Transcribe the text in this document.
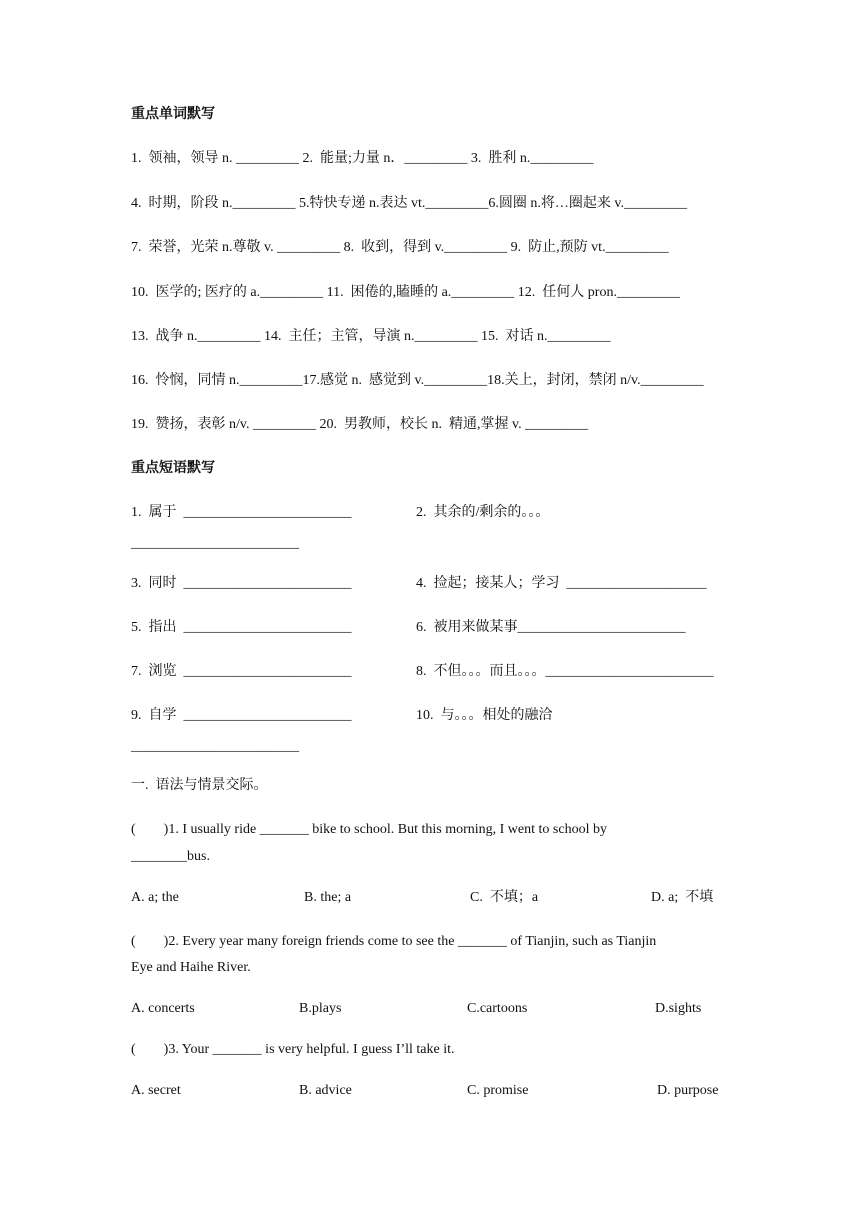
重点单词默写
1.  领袖，领导 n. _________ 2.  能量;力量 n．_________ 3.  胜利 n._________
4.  时期，阶段 n._________ 5.特快专递 n.表达 vt._________6.圆圈 n.将…圈起来 v._________
7.  荣誉，光荣 n.尊敬 v. _________ 8.  收到，得到 v._________ 9.  防止,预防 vt._________
10.  医学的; 医疗的 a._________ 11.  困倦的,瞌睡的 a._________ 12.  任何人 pron._________
13.  战争 n._________ 14.  主任；主管，导演 n._________ 15.  对话 n._________
16.  怜悯，同情 n._________17.感觉 n.  感觉到 v._________18.关上，封闭，禁闭 n/v._________
19.  赞扬，表彰 n/v. _________ 20.  男教师，校长 n.  精通,掌握 v. _________
重点短语默写
1.  属于  ________________________	2.  其余的/剩余的。。。
________________________
3.  同时  ________________________	4.  捡起；接某人；学习  ____________________
5.  指出  ________________________	6.  被用来做某事________________________
7.  浏览  ________________________	8.  不但。。。而且。。。________________________
9.  自学  ________________________	10.  与。。。相处的融洽
________________________
一.  语法与情景交际。
(        )1. I usually ride _______ bike to school. But this morning, I went to school by
________bus.
A. a; the	B. the; a	C.  不填；a	D. a;  不填
(        )2. Every year many foreign friends come to see the _______ of Tianjin, such as Tianjin
Eye and Haihe River.
A. concerts	B.plays	C.cartoons	D.sights
(        )3. Your _______ is very helpful. I guess I’ll take it.
A. secret	B. advice	C. promise	D. purpose
